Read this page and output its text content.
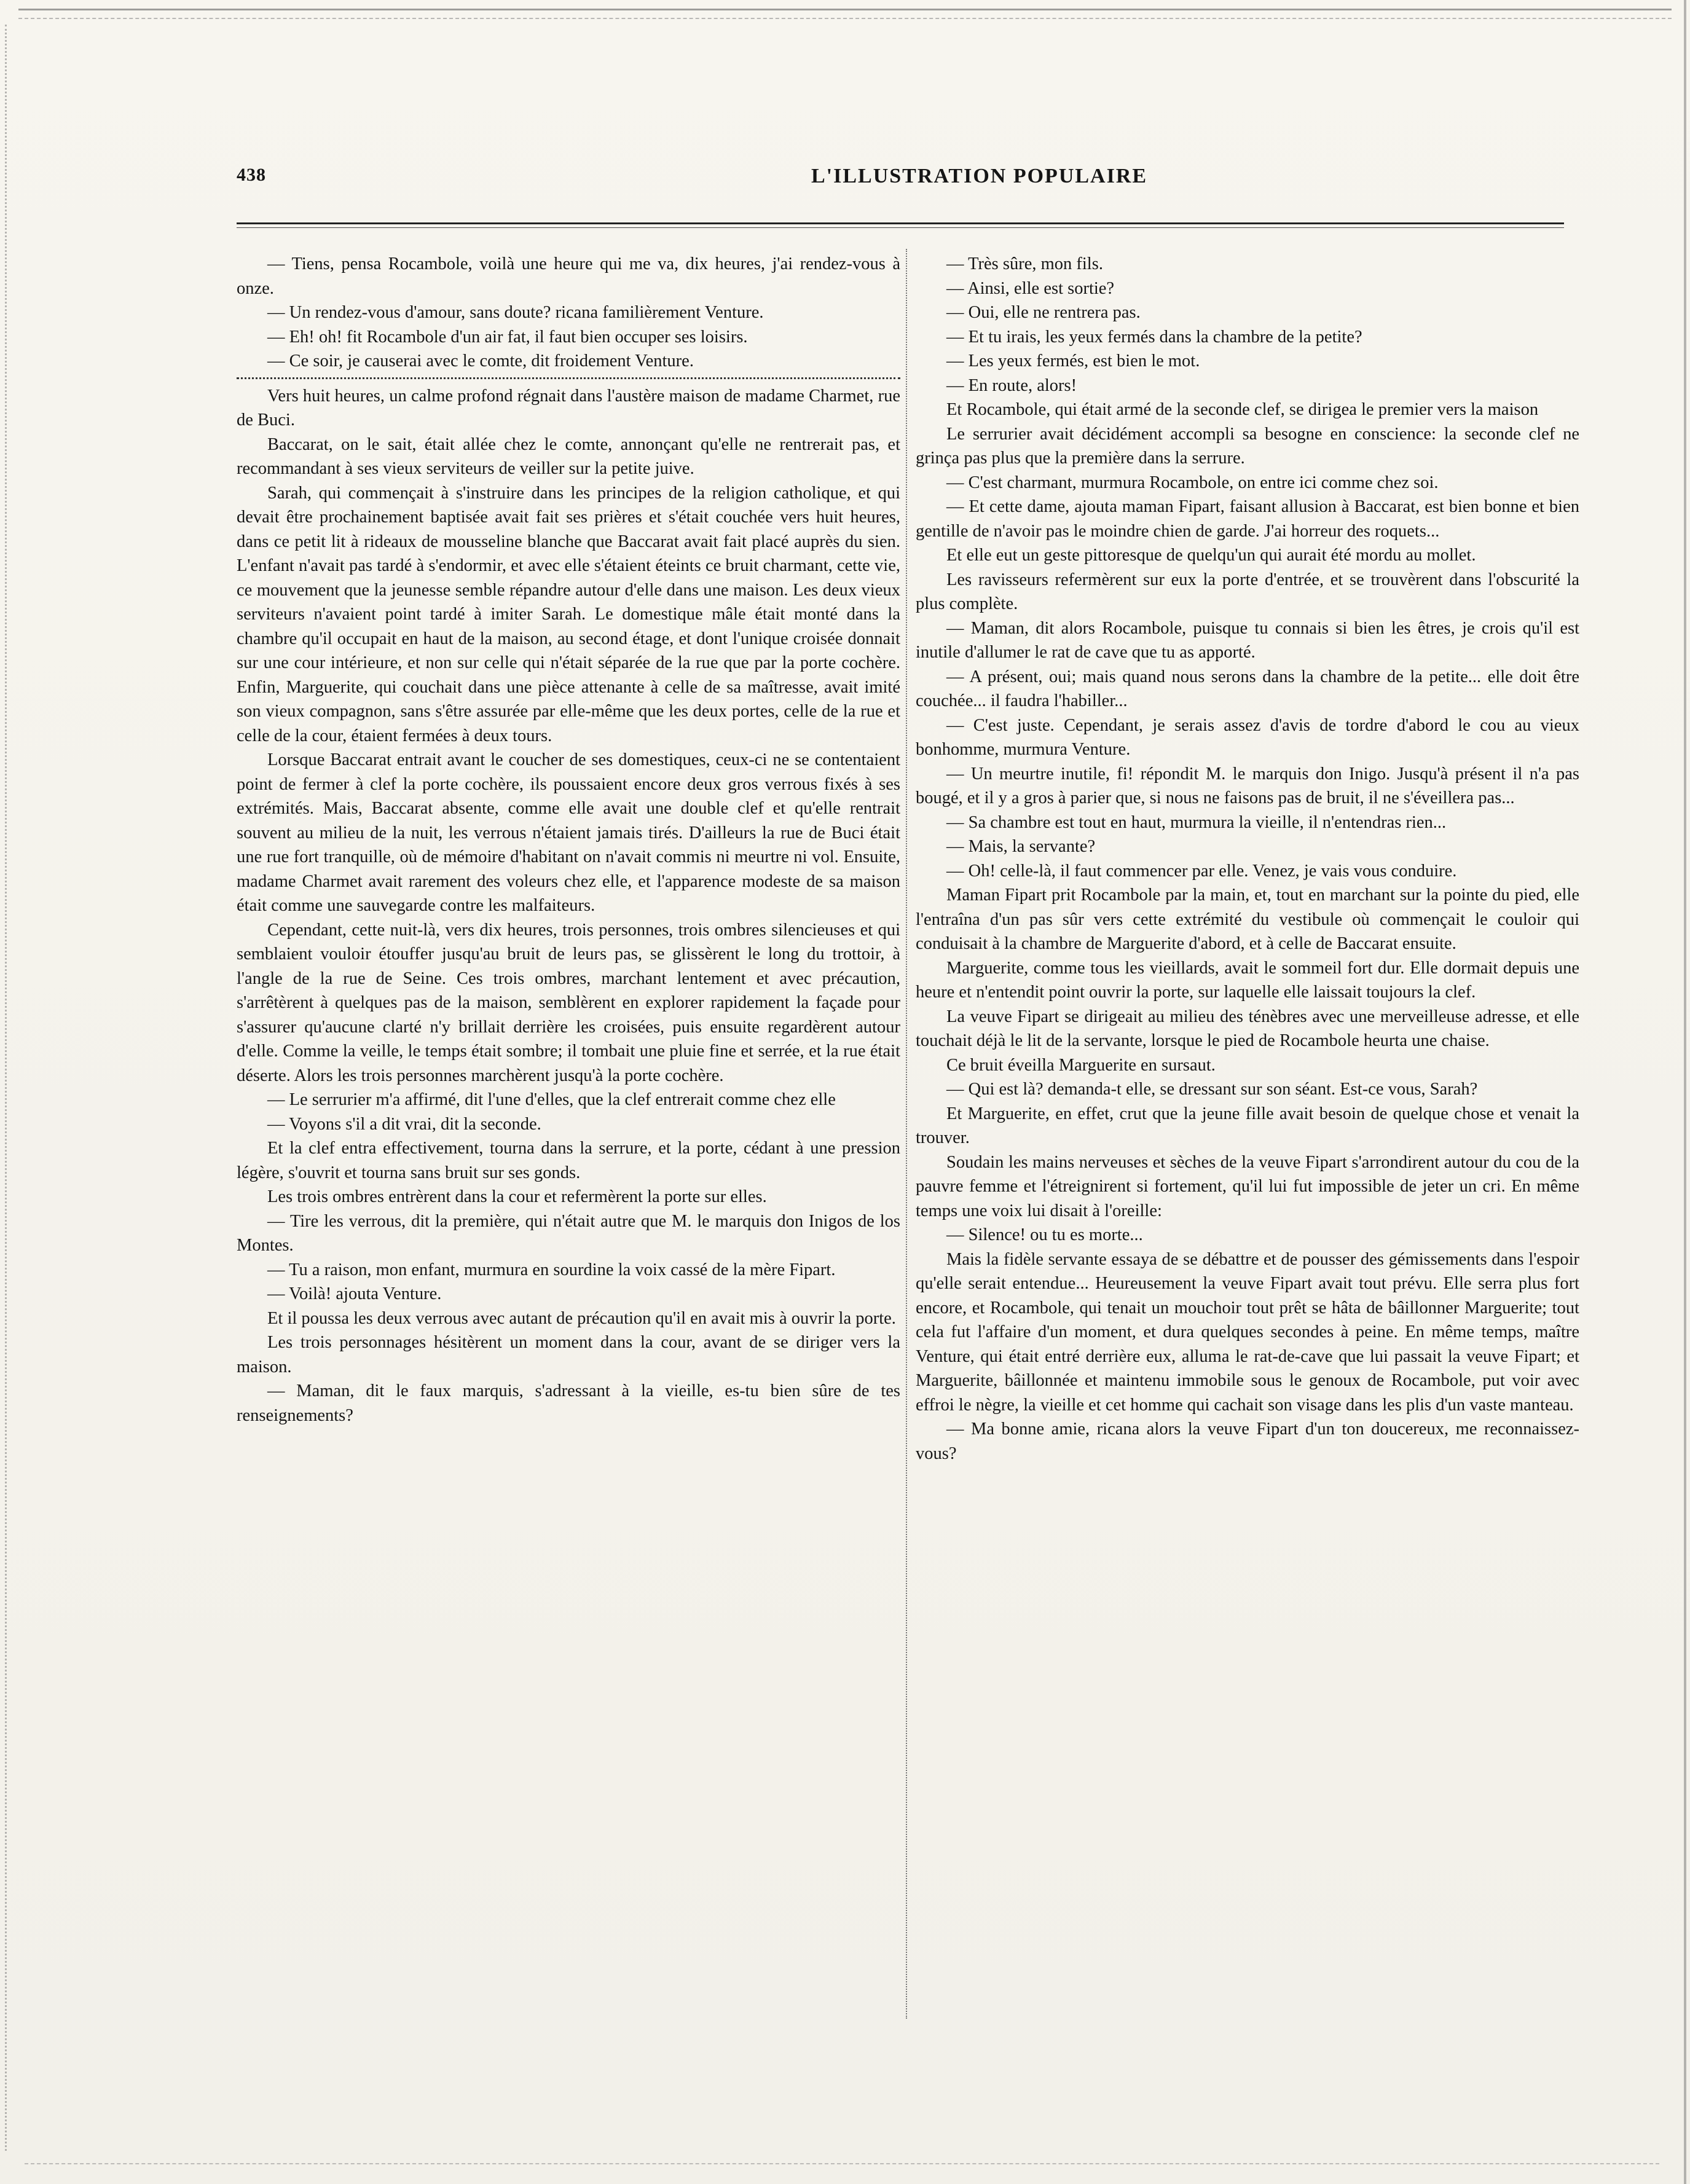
438	L'ILLUSTRATION POPULAIRE

— Tiens, pensa Rocambole, voilà une heure qui me va, dix heures, j'ai rendez-vous à onze.

— Un rendez-vous d'amour, sans doute? ricana familièrement Venture.

— Eh! oh! fit Rocambole d'un air fat, il faut bien occuper ses loisirs.

— Ce soir, je causerai avec le comte, dit froidement Venture.

Vers huit heures, un calme profond régnait dans l'austère maison de madame Charmet, rue de Buci.

Baccarat, on le sait, était allée chez le comte, annonçant qu'elle ne rentrerait pas, et recommandant à ses vieux serviteurs de veiller sur la petite juive.

Sarah, qui commençait à s'instruire dans les principes de la religion catholique, et qui devait être prochainement baptisée avait fait ses prières et s'était couchée vers huit heures, dans ce petit lit à rideaux de mousseline blanche que Baccarat avait fait placé auprès du sien. L'enfant n'avait pas tardé à s'endormir, et avec elle s'étaient éteints ce bruit charmant, cette vie, ce mouvement que la jeunesse semble répandre autour d'elle dans une maison. Les deux vieux serviteurs n'avaient point tardé à imiter Sarah. Le domestique mâle était monté dans la chambre qu'il occupait en haut de la maison, au second étage, et dont l'unique croisée donnait sur une cour intérieure, et non sur celle qui n'était séparée de la rue que par la porte cochère. Enfin, Marguerite, qui couchait dans une pièce attenante à celle de sa maîtresse, avait imité son vieux compagnon, sans s'être assurée par elle-même que les deux portes, celle de la rue et celle de la cour, étaient fermées à deux tours.

Lorsque Baccarat entrait avant le coucher de ses domestiques, ceux-ci ne se contentaient point de fermer à clef la porte cochère, ils poussaient encore deux gros verrous fixés à ses extrémités. Mais, Baccarat absente, comme elle avait une double clef et qu'elle rentrait souvent au milieu de la nuit, les verrous n'étaient jamais tirés. D'ailleurs la rue de Buci était une rue fort tranquille, où de mémoire d'habitant on n'avait commis ni meurtre ni vol. Ensuite, madame Charmet avait rarement des voleurs chez elle, et l'apparence modeste de sa maison était comme une sauvegarde contre les malfaiteurs.

Cependant, cette nuit-là, vers dix heures, trois personnes, trois ombres silencieuses et qui semblaient vouloir étouffer jusqu'au bruit de leurs pas, se glissèrent le long du trottoir, à l'angle de la rue de Seine. Ces trois ombres, marchant lentement et avec précaution, s'arrêtèrent à quelques pas de la maison, semblèrent en explorer rapidement la façade pour s'assurer qu'aucune clarté n'y brillait derrière les croisées, puis ensuite regardèrent autour d'elle. Comme la veille, le temps était sombre; il tombait une pluie fine et serrée, et la rue était déserte. Alors les trois personnes marchèrent jusqu'à la porte cochère.

— Le serrurier m'a affirmé, dit l'une d'elles, que la clef entrerait comme chez elle

— Voyons s'il a dit vrai, dit la seconde.

Et la clef entra effectivement, tourna dans la serrure, et la porte, cédant à une pression légère, s'ouvrit et tourna sans bruit sur ses gonds.

Les trois ombres entrèrent dans la cour et refermèrent la porte sur elles.

— Tire les verrous, dit la première, qui n'était autre que M. le marquis don Inigos de los Montes.

— Tu a raison, mon enfant, murmura en sourdine la voix cassé de la mère Fipart.

— Voilà! ajouta Venture.

Et il poussa les deux verrous avec autant de précaution qu'il en avait mis à ouvrir la porte.

Les trois personnages hésitèrent un moment dans la cour, avant de se diriger vers la maison.

— Maman, dit le faux marquis, s'adressant à la vieille, es-tu bien sûre de tes renseignements?

— Très sûre, mon fils.

— Ainsi, elle est sortie?

— Oui, elle ne rentrera pas.

— Et tu irais, les yeux fermés dans la chambre de la petite?

— Les yeux fermés, est bien le mot.

— En route, alors!

Et Rocambole, qui était armé de la seconde clef, se dirigea le premier vers la maison

Le serrurier avait décidément accompli sa besogne en conscience: la seconde clef ne grinça pas plus que la première dans la serrure.

— C'est charmant, murmura Rocambole, on entre ici comme chez soi.

— Et cette dame, ajouta maman Fipart, faisant allusion à Baccarat, est bien bonne et bien gentille de n'avoir pas le moindre chien de garde. J'ai horreur des roquets...

Et elle eut un geste pittoresque de quelqu'un qui aurait été mordu au mollet.

Les ravisseurs refermèrent sur eux la porte d'entrée, et se trouvèrent dans l'obscurité la plus complète.

— Maman, dit alors Rocambole, puisque tu connais si bien les êtres, je crois qu'il est inutile d'allumer le rat de cave que tu as apporté.

— A présent, oui; mais quand nous serons dans la chambre de la petite... elle doit être couchée... il faudra l'habiller...

— C'est juste. Cependant, je serais assez d'avis de tordre d'abord le cou au vieux bonhomme, murmura Venture.

— Un meurtre inutile, fi! répondit M. le marquis don Inigo. Jusqu'à présent il n'a pas bougé, et il y a gros à parier que, si nous ne faisons pas de bruit, il ne s'éveillera pas...

— Sa chambre est tout en haut, murmura la vieille, il n'entendras rien...

— Mais, la servante?

— Oh! celle-là, il faut commencer par elle. Venez, je vais vous conduire.

Maman Fipart prit Rocambole par la main, et, tout en marchant sur la pointe du pied, elle l'entraîna d'un pas sûr vers cette extrémité du vestibule où commençait le couloir qui conduisait à la chambre de Marguerite d'abord, et à celle de Baccarat ensuite.

Marguerite, comme tous les vieillards, avait le sommeil fort dur. Elle dormait depuis une heure et n'entendit point ouvrir la porte, sur laquelle elle laissait toujours la clef.

La veuve Fipart se dirigeait au milieu des ténèbres avec une merveilleuse adresse, et elle touchait déjà le lit de la servante, lorsque le pied de Rocambole heurta une chaise.

Ce bruit éveilla Marguerite en sursaut.

— Qui est là? demanda-t elle, se dressant sur son séant. Est-ce vous, Sarah?

Et Marguerite, en effet, crut que la jeune fille avait besoin de quelque chose et venait la trouver.

Soudain les mains nerveuses et sèches de la veuve Fipart s'arrondirent autour du cou de la pauvre femme et l'étreignirent si fortement, qu'il lui fut impossible de jeter un cri. En même temps une voix lui disait à l'oreille:

— Silence! ou tu es morte...

Mais la fidèle servante essaya de se débattre et de pousser des gémissements dans l'espoir qu'elle serait entendue... Heureusement la veuve Fipart avait tout prévu. Elle serra plus fort encore, et Rocambole, qui tenait un mouchoir tout prêt se hâta de bâillonner Marguerite; tout cela fut l'affaire d'un moment, et dura quelques secondes à peine. En même temps, maître Venture, qui était entré derrière eux, alluma le rat-de-cave que lui passait la veuve Fipart; et Marguerite, bâillonnée et maintenu immobile sous le genoux de Rocambole, put voir avec effroi le nègre, la vieille et cet homme qui cachait son visage dans les plis d'un vaste manteau.

— Ma bonne amie, ricana alors la veuve Fipart d'un ton doucereux, me reconnaissez-vous?
